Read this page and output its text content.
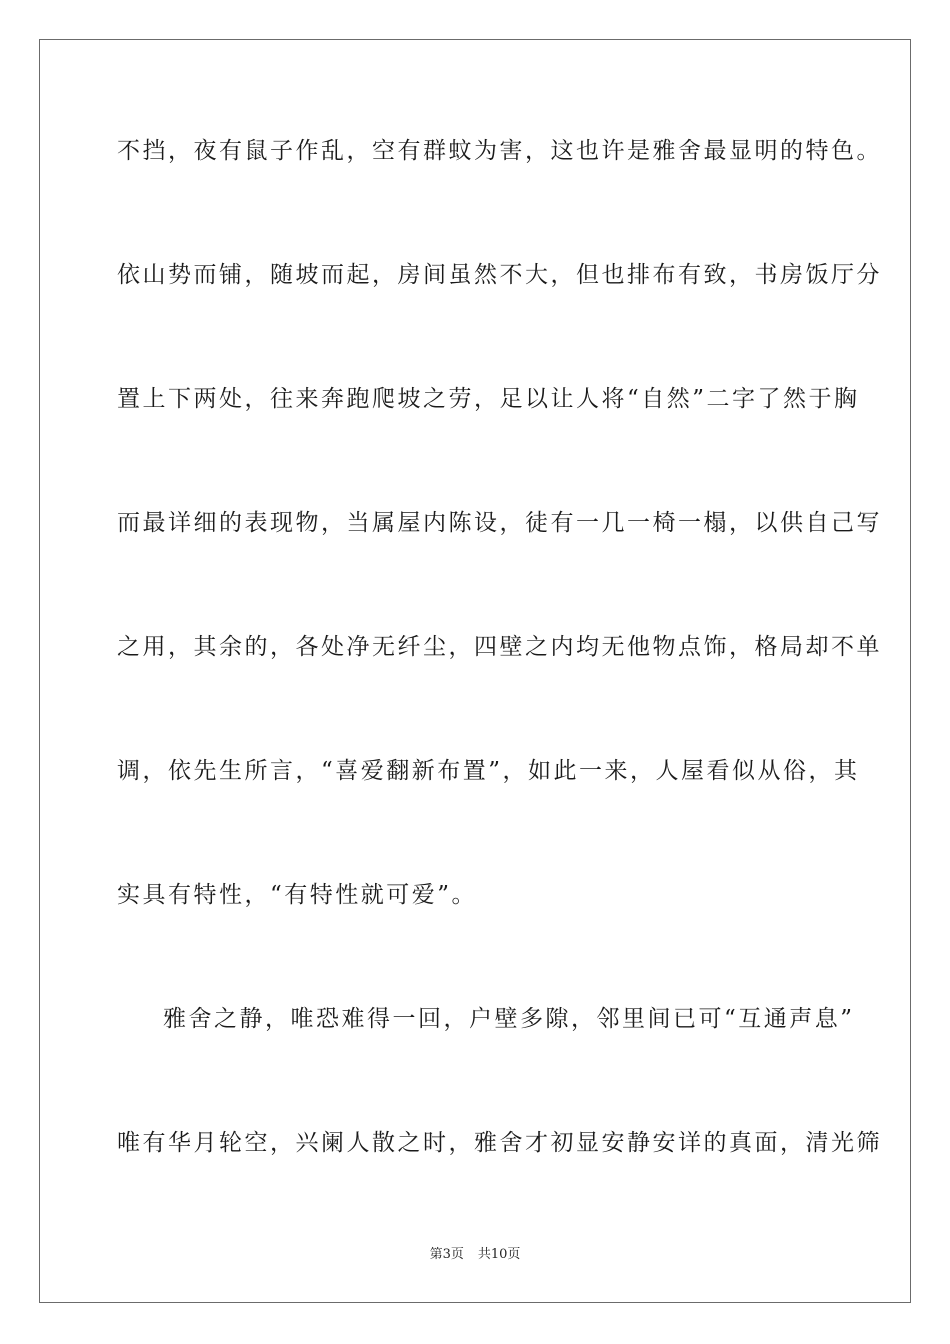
不挡，夜有鼠子作乱，空有群蚊为害，这也许是雅舍最显明的特色。
依山势而铺，随坡而起，房间虽然不大，但也排布有致，书房饭厅分
置上下两处，往来奔跑爬坡之劳，足以让人将“自然”二字了然于胸
而最详细的表现物，当属屋内陈设，徒有一几一椅一榻，以供自己写
之用，其余的，各处净无纤尘，四壁之内均无他物点饰，格局却不单
调，依先生所言，“喜爱翻新布置”，如此一来，人屋看似从俗，其
实具有特性，“有特性就可爱”。
雅舍之静，唯恐难得一回，户壁多隙，邻里间已可“互通声息”
唯有华月轮空，兴阑人散之时，雅舍才初显安静安详的真面，清光筛
第3页 共10页
